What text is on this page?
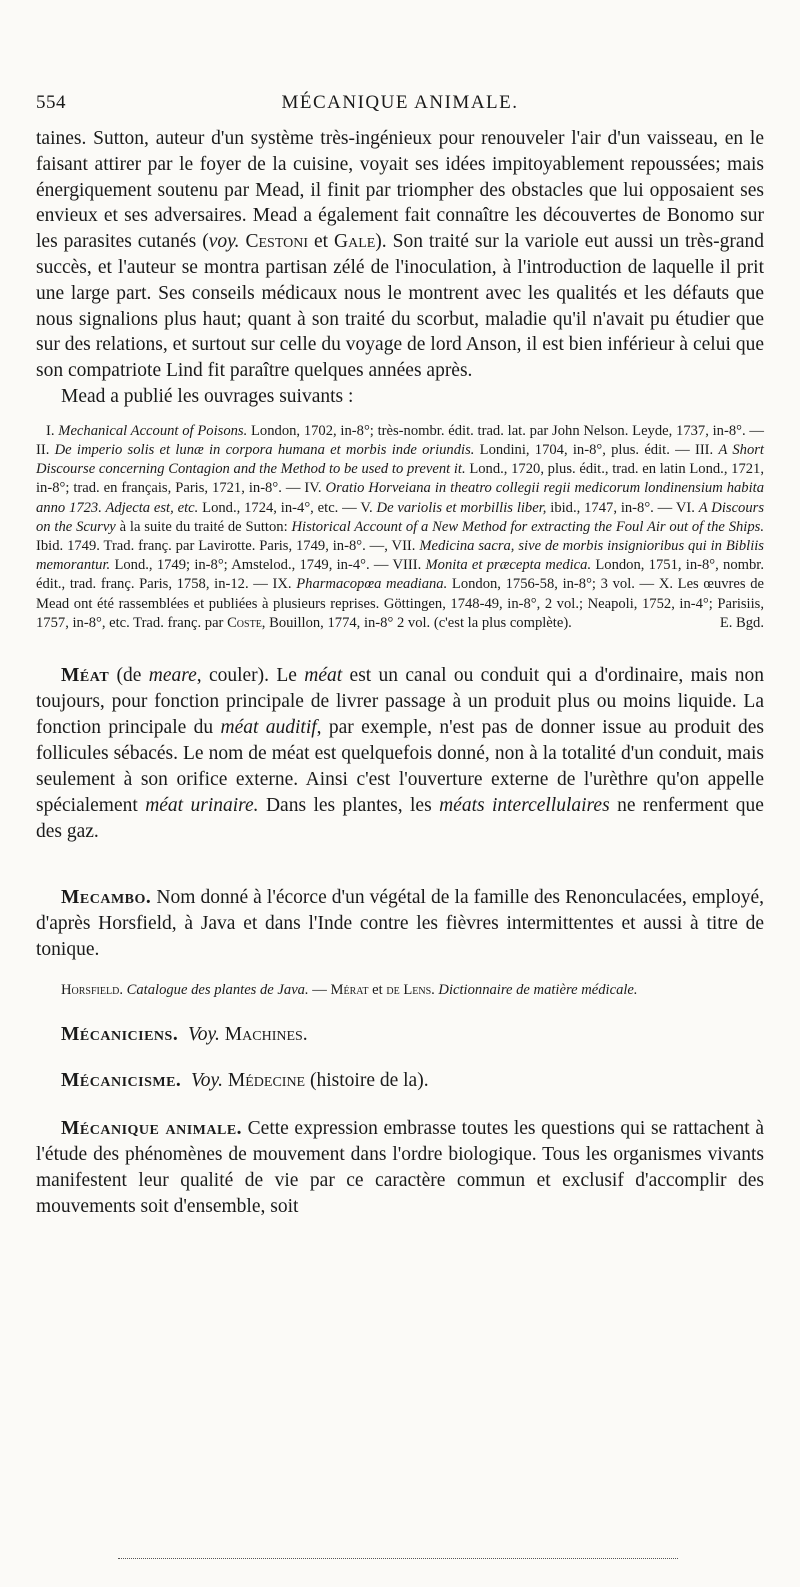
554	MÉCANIQUE ANIMALE.

taines. Sutton, auteur d'un système très-ingénieux pour renouveler l'air d'un vaisseau, en le faisant attirer par le foyer de la cuisine, voyait ses idées impitoyablement repoussées; mais énergiquement soutenu par Mead, il finit par triompher des obstacles que lui opposaient ses envieux et ses adversaires. Mead a également fait connaître les découvertes de Bonomo sur les parasites cutanés (voy. Cestoni et Gale). Son traité sur la variole eut aussi un très-grand succès, et l'auteur se montra partisan zélé de l'inoculation, à l'introduction de laquelle il prit une large part. Ses conseils médicaux nous le montrent avec les qualités et les défauts que nous signalions plus haut; quant à son traité du scorbut, maladie qu'il n'avait pu étudier que sur des relations, et surtout sur celle du voyage de lord Anson, il est bien inférieur à celui que son compatriote Lind fit paraître quelques années après.

Mead a publié les ouvrages suivants :

I. Mechanical Account of Poisons. London, 1702, in-8°; très-nombr. édit. trad. lat. par John Nelson. Leyde, 1737, in-8°. — II. De imperio solis et lunæ in corpora humana et morbis inde oriundis. Londini, 1704, in-8°, plus. édit. — III. A Short Discourse concerning Contagion and the Method to be used to prevent it. Lond., 1720, plus. édit., trad. en latin Lond., 1721, in-8°; trad. en français, Paris, 1721, in-8°. — IV. Oratio Horveiana in theatro collegii regii medicorum londinensium habita anno 1723. Adjecta est, etc. Lond., 1724, in-4°, etc. — V. De variolis et morbillis liber, ibid., 1747, in-8°. — VI. A Discours on the Scurvy à la suite du traité de Sutton: Historical Account of a New Method for extracting the Foul Air out of the Ships. Ibid. 1749. Trad. franç. par Lavirotte. Paris, 1749, in-8°. —, VII. Medicina sacra, sive de morbis insignioribus qui in Bibliis memorantur. Lond., 1749; in-8°; Amstelod., 1749, in-4°. — VIII. Monita et præcepta medica. London, 1751, in-8°, nombr. édit., trad. franç. Paris, 1758, in-12. — IX. Pharmacopœa meadiana. London, 1756-58, in-8°; 3 vol. — X. Les œuvres de Mead ont été rassemblées et publiées à plusieurs reprises. Göttingen, 1748-49, in-8°, 2 vol.; Neapoli, 1752, in-4°; Parisiis, 1757, in-8°, etc. Trad. franç. par Coste, Bouillon, 1774, in-8° 2 vol. (c'est la plus complète).	E. Bgd.

Méat (de meare, couler). Le méat est un canal ou conduit qui a d'ordinaire, mais non toujours, pour fonction principale de livrer passage à un produit plus ou moins liquide. La fonction principale du méat auditif, par exemple, n'est pas de donner issue au produit des follicules sébacés. Le nom de méat est quelquefois donné, non à la totalité d'un conduit, mais seulement à son orifice externe. Ainsi c'est l'ouverture externe de l'urèthre qu'on appelle spécialement méat urinaire. Dans les plantes, les méats intercellulaires ne renferment que des gaz.

Mecambo. Nom donné à l'écorce d'un végétal de la famille des Renonculacées, employé, d'après Horsfield, à Java et dans l'Inde contre les fièvres intermittentes et aussi à titre de tonique.

Horsfield. Catalogue des plantes de Java. — Mérat et de Lens. Dictionnaire de matière médicale.

Mécaniciens. Voy. Machines.

Mécanicisme. Voy. Médecine (histoire de la).

Mécanique animale. Cette expression embrasse toutes les questions qui se rattachent à l'étude des phénomènes de mouvement dans l'ordre biologique. Tous les organismes vivants manifestent leur qualité de vie par ce caractère commun et exclusif d'accomplir des mouvements soit d'ensemble, soit
